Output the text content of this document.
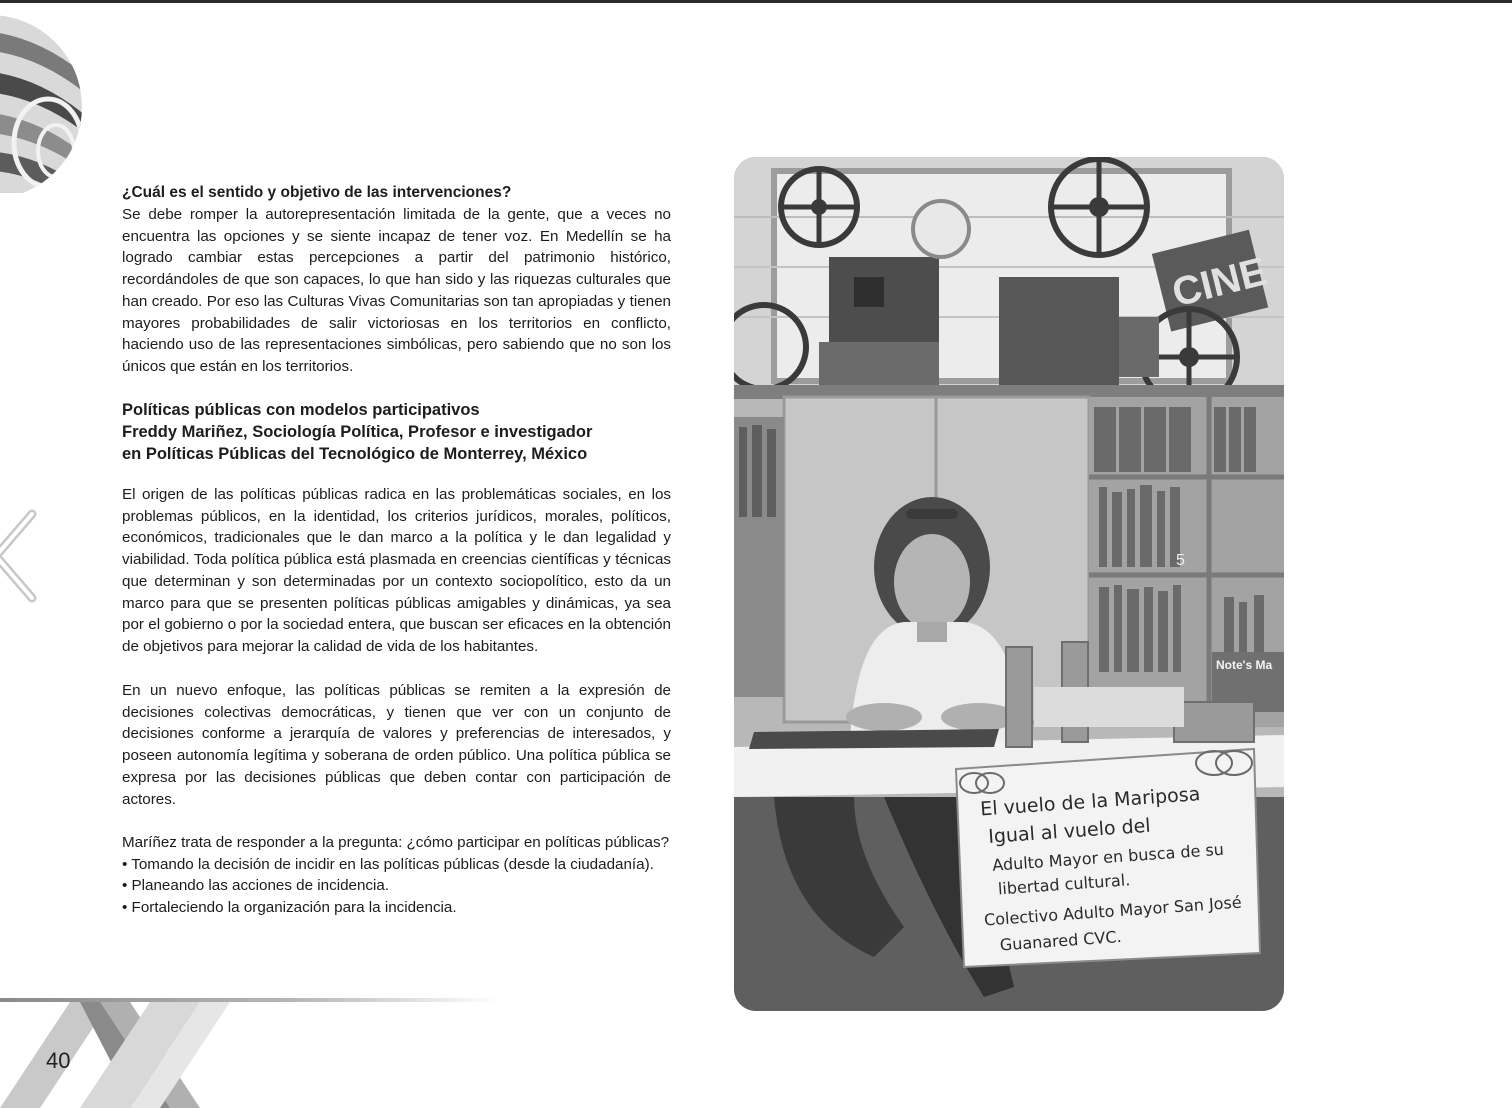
¿Cuál es el sentido y objetivo de las intervenciones?

Se debe romper la autorepresentación limitada de la gente, que a veces no encuentra las opciones y se siente incapaz de tener voz. En Medellín se ha logrado cambiar estas percepciones a partir del patrimonio histórico, recordándoles de que son capaces, lo que han sido y las riquezas culturales que han creado. Por eso las Culturas Vivas Comunitarias son tan apropiadas y tienen mayores probabilidades de salir victoriosas en los territorios en conflicto, haciendo uso de las representaciones simbólicas, pero sabiendo que no son los únicos que están en los territorios.

Políticas públicas con modelos participativos
Freddy Mariñez, Sociología Política, Profesor e investigador
en Políticas Públicas del Tecnológico de Monterrey, México

El origen de las políticas públicas radica en las problemáticas sociales, en los problemas públicos, en la identidad, los criterios jurídicos, morales, políticos, económicos, tradicionales que le dan marco a la política y le dan legalidad y viabilidad. Toda política pública está plasmada en creencias científicas y técnicas que determinan y son determinadas por un contexto sociopolítico, esto da un marco para que se presenten políticas públicas amigables y dinámicas, ya sea por el gobierno o por la sociedad entera, que buscan ser eficaces en la obtención de objetivos para mejorar la calidad de vida de los habitantes.

En un nuevo enfoque, las políticas públicas se remiten a la expresión de decisiones colectivas democráticas, y tienen que ver con un conjunto de decisiones conforme a jerarquía de valores y preferencias de interesados, y poseen autonomía legítima y soberana de orden público. Una política pública se expresa por las decisiones públicas que deben contar con participación de actores.

Maríñez trata de responder a la pregunta: ¿cómo participar en políticas públicas?
• Tomando la decisión de incidir en las políticas públicas (desde la ciudadanía).
• Planeando las acciones de incidencia.
• Fortaleciendo la organización para la incidencia.
CINE
5
Note's Ma
El vuelo de la Mariposa
Igual al vuelo del
Adulto Mayor en busca de su
libertad cultural.
Colectivo Adulto Mayor San José
Guanared CVC.
40
